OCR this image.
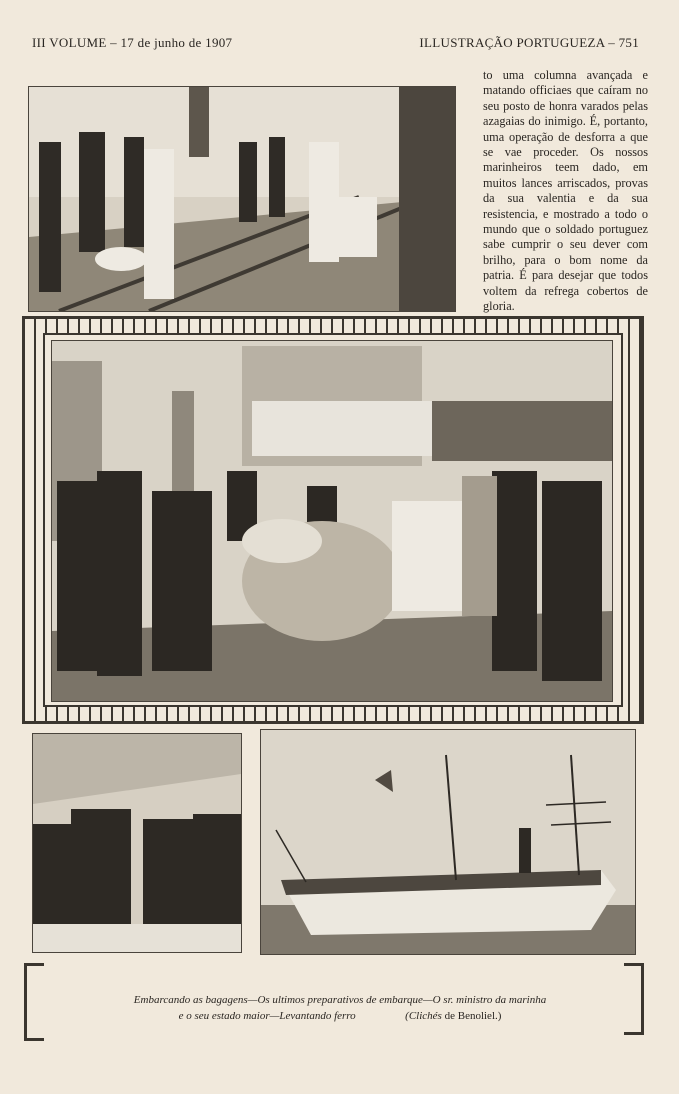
III VOLUME – 17 de junho de 1907	ILLUSTRAÇÃO PORTUGUEZA – 751
to uma columna avançada e matando officiaes que caíram no seu posto de honra varados pelas azagaias do inimigo. É, portanto, uma operação de desforra a que se vae proceder. Os nossos marinheiros teem dado, em muitos lances arriscados, provas da sua valentia e da sua resistencia, e mostrado a todo o mundo que o soldado portuguez sabe cumprir o seu dever com brilho, para o bom nome da patria. É para desejar que todos voltem da refrega cobertos de gloria.
Embarcando as bagagens—Os ultimos preparativos de embarque—O sr. ministro da marinha
e o seu estado maior—Levantando ferro	(Clichés de Benoliel.)
